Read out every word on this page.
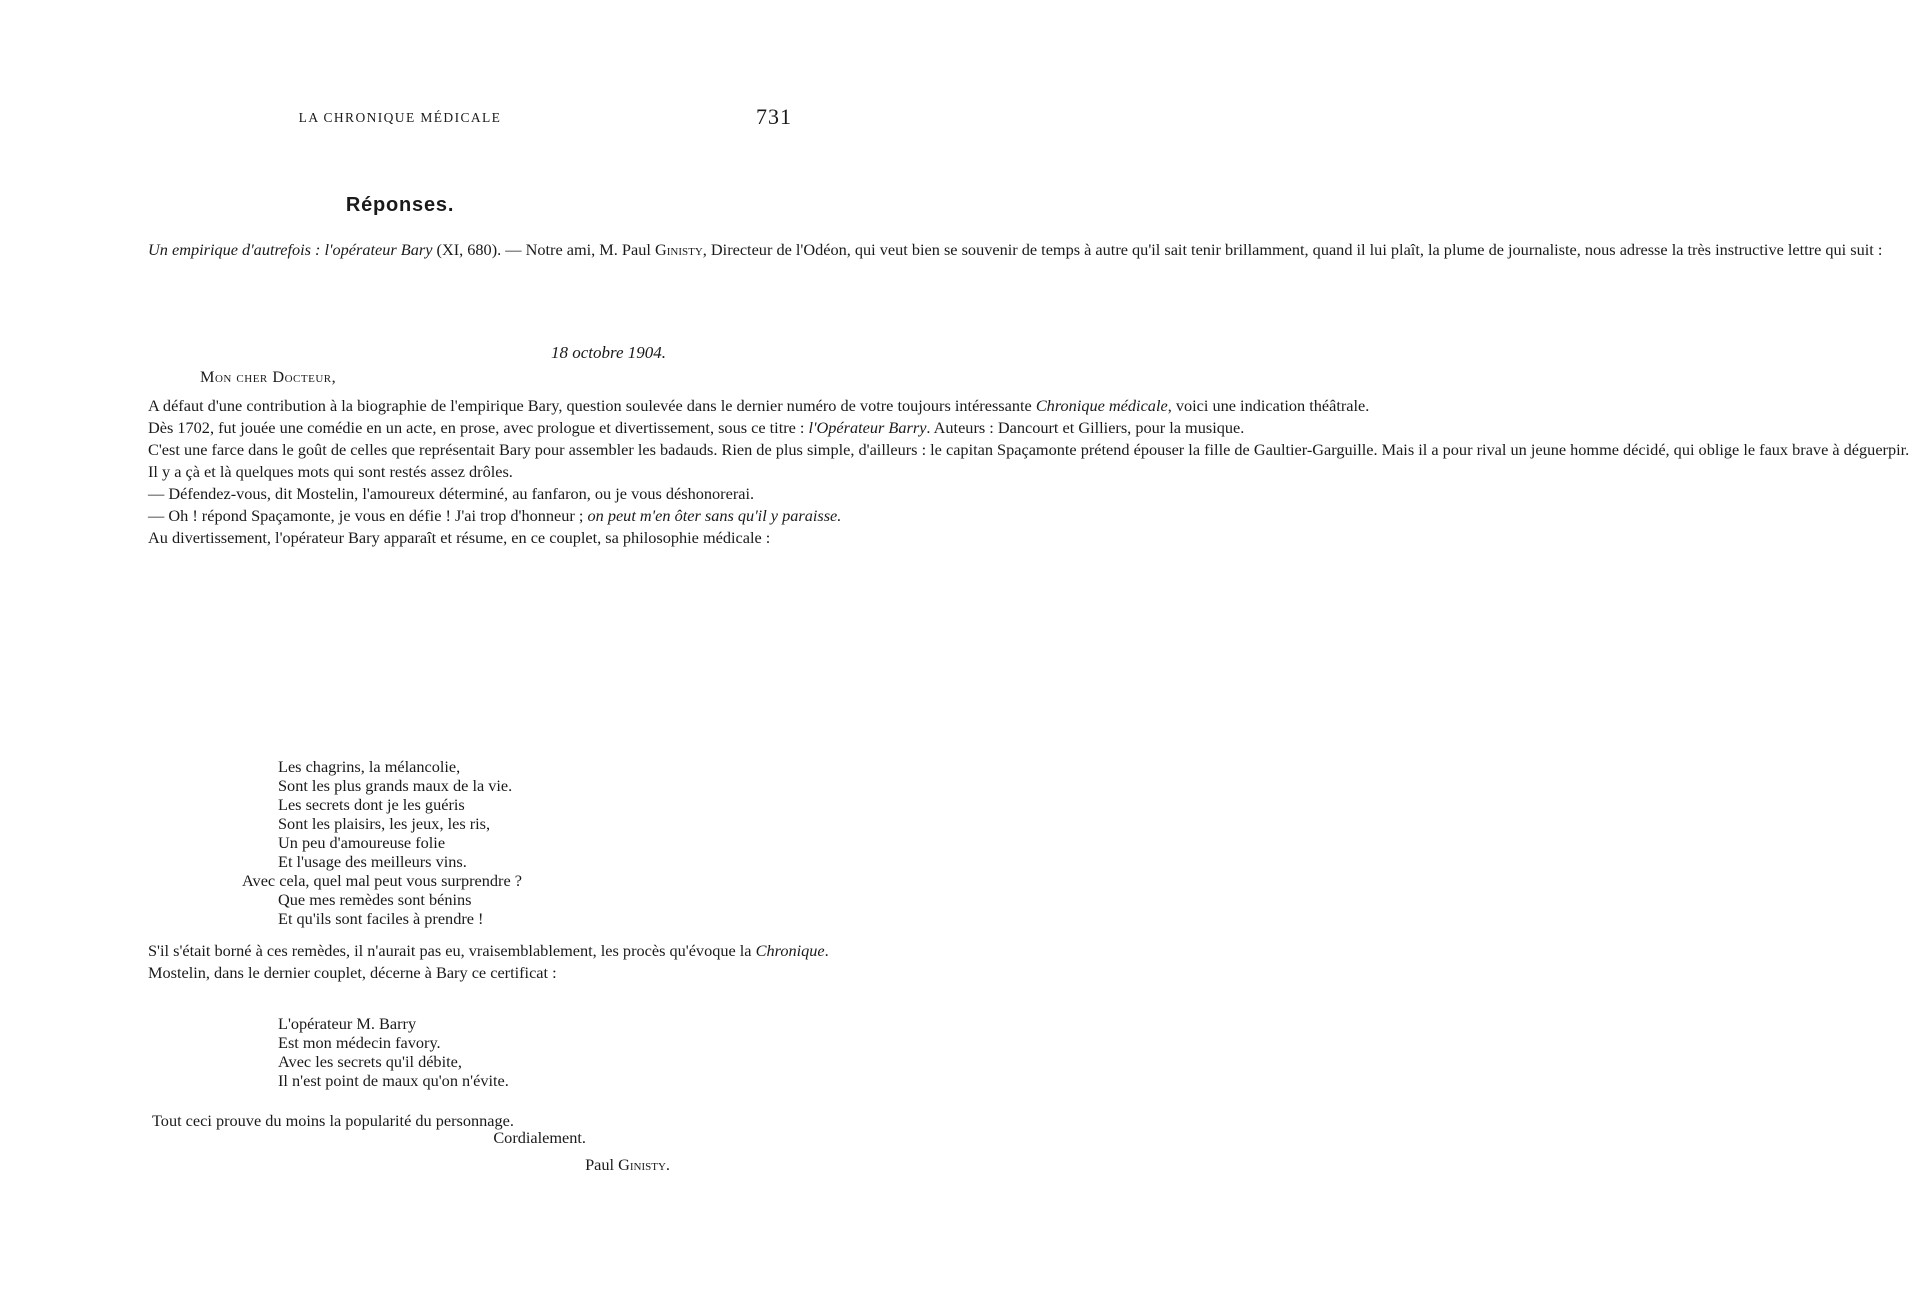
LA CHRONIQUE MÉDICALE	731
Réponses.

Un empirique d'autrefois : l'opérateur Bary (XI, 680). — Notre ami, M. Paul Ginisty, Directeur de l'Odéon, qui veut bien se souvenir de temps à autre qu'il sait tenir brillamment, quand il lui plaît, la plume de journaliste, nous adresse la très instructive lettre qui suit :

18 octobre 1904.
Mon cher Docteur,

A défaut d'une contribution à la biographie de l'empirique Bary, question soulevée dans le dernier numéro de votre toujours intéressante Chronique médicale, voici une indication théâtrale.

Dès 1702, fut jouée une comédie en un acte, en prose, avec prologue et divertissement, sous ce titre : l'Opérateur Barry. Auteurs : Dancourt et Gilliers, pour la musique.

C'est une farce dans le goût de celles que représentait Bary pour assembler les badauds. Rien de plus simple, d'ailleurs : le capitan Spaçamonte prétend épouser la fille de Gaultier-Garguille. Mais il a pour rival un jeune homme décidé, qui oblige le faux brave à déguerpir.

Il y a çà et là quelques mots qui sont restés assez drôles.

— Défendez-vous, dit Mostelin, l'amoureux déterminé, au fanfaron, ou je vous déshonorerai.

— Oh ! répond Spaçamonte, je vous en défie ! J'ai trop d'honneur ; on peut m'en ôter sans qu'il y paraisse.

Au divertissement, l'opérateur Bary apparaît et résume, en ce couplet, sa philosophie médicale :

Les chagrins, la mélancolie,
Sont les plus grands maux de la vie.
Les secrets dont je les guéris
Sont les plaisirs, les jeux, les ris,
Un peu d'amoureuse folie
Et l'usage des meilleurs vins.
Avec cela, quel mal peut vous surprendre ?
Que mes remèdes sont bénins
Et qu'ils sont faciles à prendre !

S'il s'était borné à ces remèdes, il n'aurait pas eu, vraisemblablement, les procès qu'évoque la Chronique.

Mostelin, dans le dernier couplet, décerne à Bary ce certificat :

L'opérateur M. Barry
Est mon médecin favory.
Avec les secrets qu'il débite,
Il n'est point de maux qu'on n'évite.
Tout ceci prouve du moins la popularité du personnage.
Cordialement.
Paul Ginisty.
